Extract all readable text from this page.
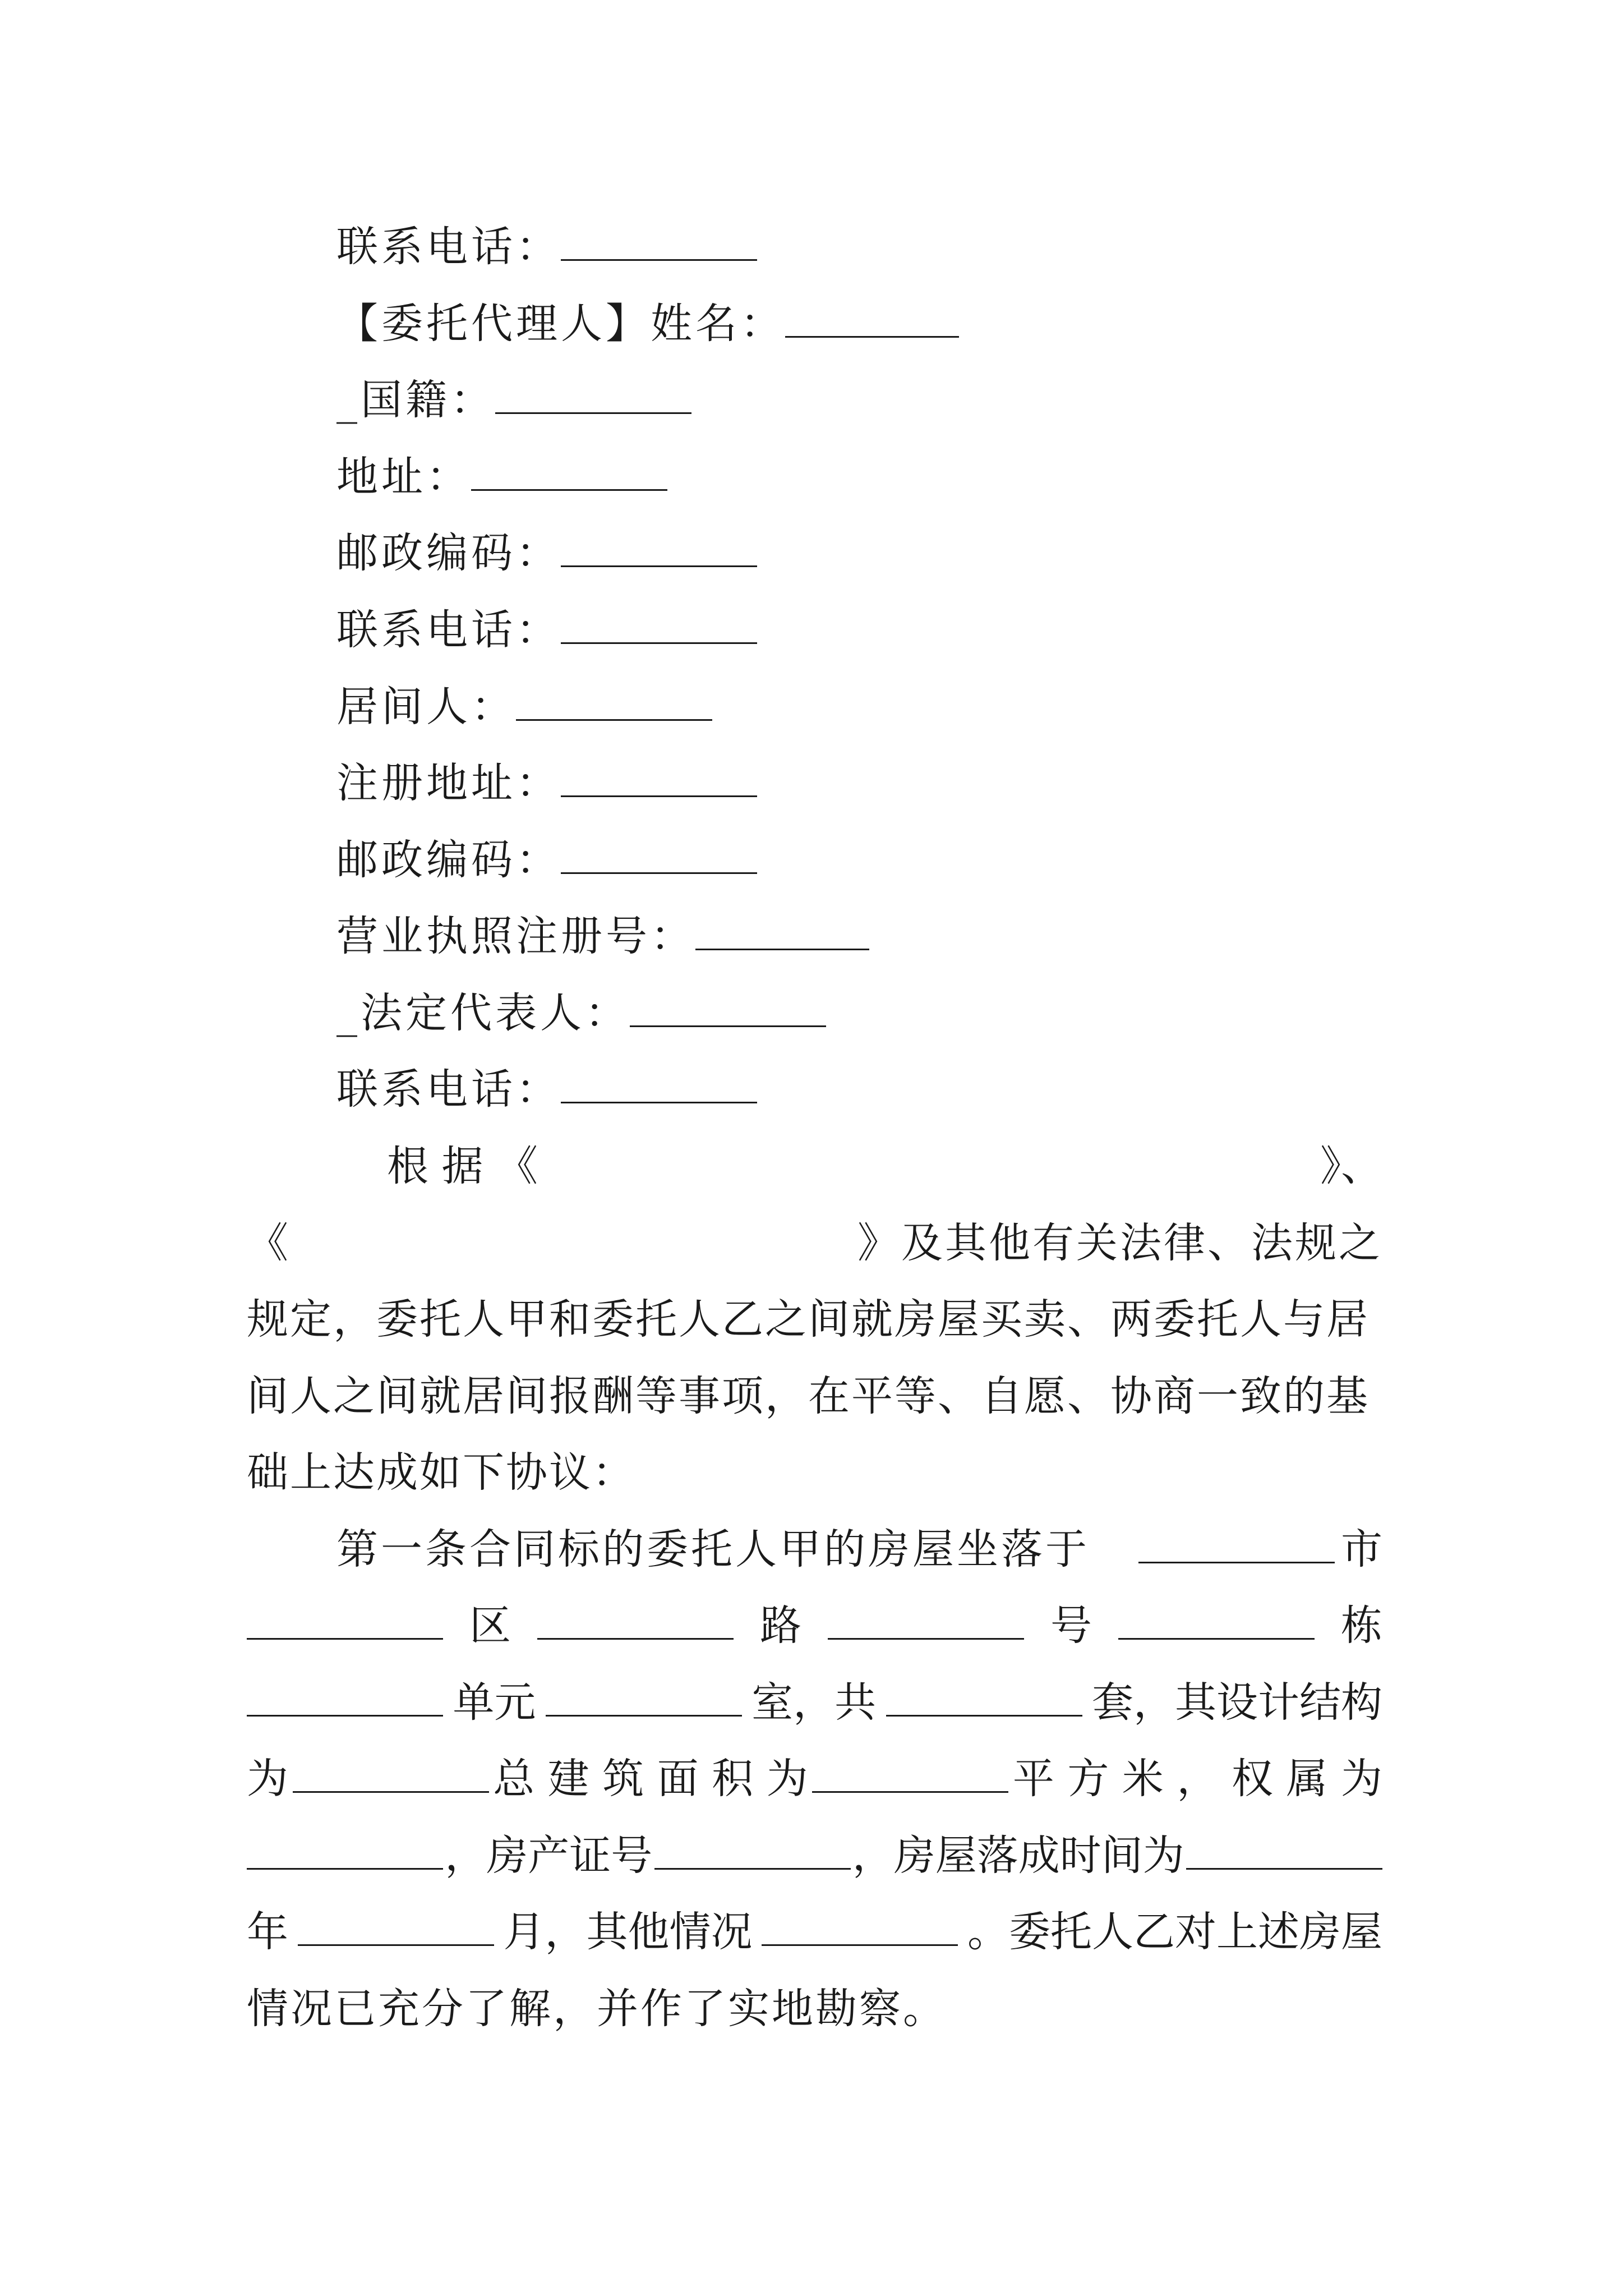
联系电话：
【委托代理人】姓名：
_国籍：
地址：
邮政编码：
联系电话：
居间人：
注册地址：
邮政编码：
营业执照注册号：
_法定代表人：
联系电话：
根 据 《	》、
《	》及其他有关法律、法规之
规定，委托人甲和委托人乙之间就房屋买卖、两委托人与居
间人之间就居间报酬等事项，在平等、自愿、协商一致的基
础上达成如下协议：
第一条合同标的委托人甲的房屋坐落于	市
区	路	号	栋
单元	室，共	套，其设计结构
为	总 建 筑 面 积 为	平 方 米 ， 权 属 为
，房产证号	，房屋落成时间为
年	月，其他情况	。委托人乙对上述房屋
情况已充分了解，并作了实地勘察。
